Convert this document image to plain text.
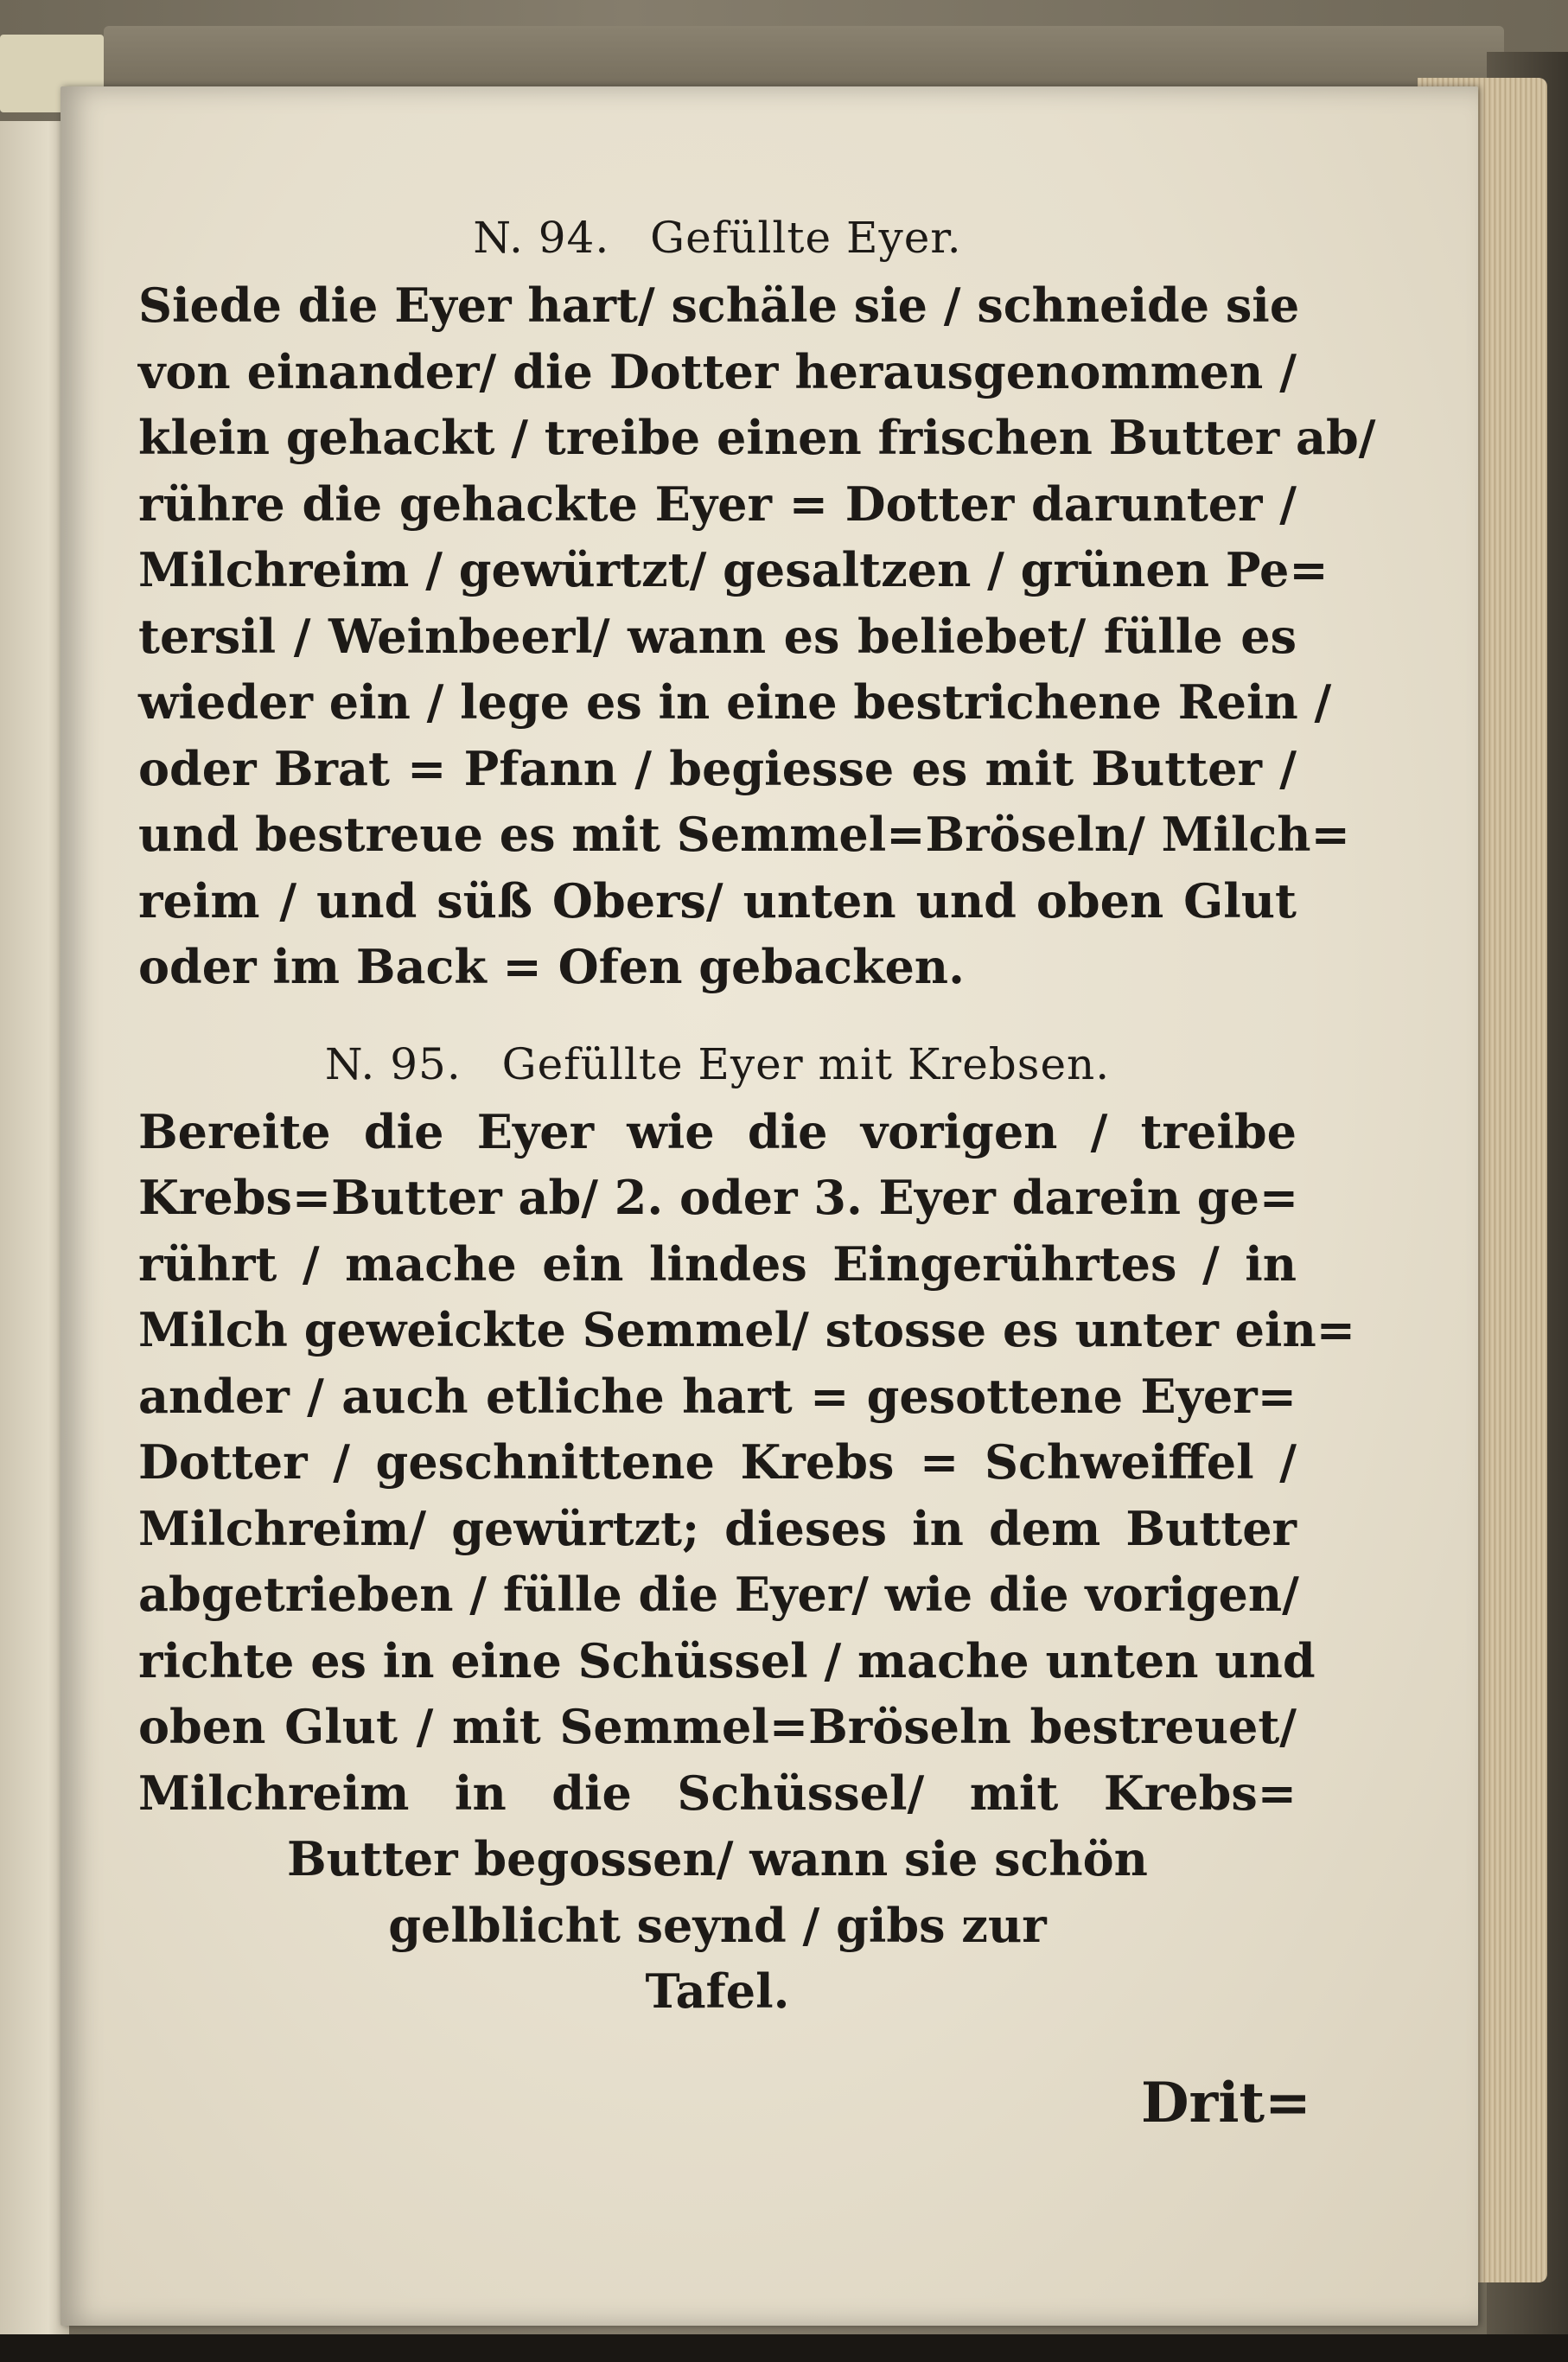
N. 94. Gefüllte Eyer.
Siede die Eyer hart/ schäle sie / schneide sie
von einander/ die Dotter herausgenommen /
klein gehackt / treibe einen frischen Butter ab/
rühre die gehackte Eyer = Dotter darunter /
Milchreim / gewürtzt/ gesaltzen / grünen Pe=
tersil / Weinbeerl/ wann es beliebet/ fülle es
wieder ein / lege es in eine bestrichene Rein /
oder Brat = Pfann / begiesse es mit Butter /
und bestreue es mit Semmel=Bröseln/ Milch=
reim / und süß Obers/ unten und oben Glut
oder im Back = Ofen gebacken.
N. 95. Gefüllte Eyer mit Krebsen.
Bereite die Eyer wie die vorigen / treibe
Krebs=Butter ab/ 2. oder 3. Eyer darein ge=
rührt / mache ein lindes Eingerührtes / in
Milch geweickte Semmel/ stosse es unter ein=
ander / auch etliche hart = gesottene Eyer=
Dotter / geschnittene Krebs = Schweiffel /
Milchreim/ gewürtzt; dieses in dem Butter
abgetrieben / fülle die Eyer/ wie die vorigen/
richte es in eine Schüssel / mache unten und
oben Glut / mit Semmel=Bröseln bestreuet/
Milchreim in die Schüssel/ mit Krebs=
Butter begossen/ wann sie schön
gelblicht seynd / gibs zur
Tafel.
Drit=
